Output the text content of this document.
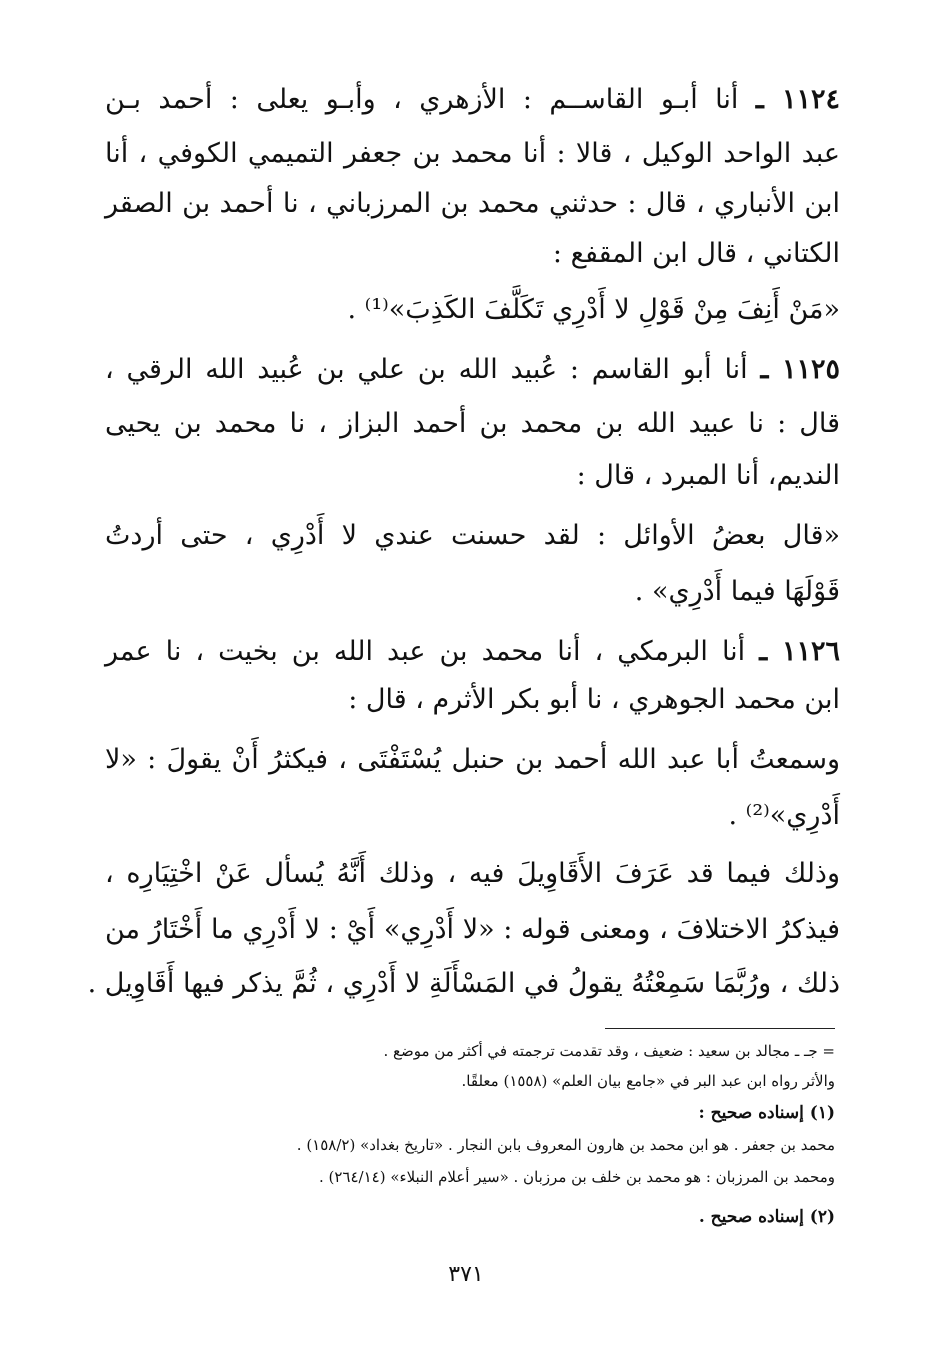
١١٢٤ ـ أنا أبـو القاســم : الأزهري ، وأبـو يعلى : أحمد بـن
عبد الواحد الوكيل ، قالا : أنا محمد بن جعفر التميمي الكوفي ، أنا
ابن الأنباري ، قال : حدثني محمد بن المرزباني ، نا أحمد بن الصقر
الكتاني ، قال ابن المقفع :
«مَنْ أَنِفَ مِنْ قَوْلِ لا أَدْرِي تَكَلَّفَ الكَذِبَ»⁽¹⁾ .
١١٢٥ ـ أنا أبو القاسم : عُبيد الله بن علي بن عُبيد الله الرقي ،
قال : نا عبيد الله بن محمد بن أحمد البزاز ، نا محمد بن يحيى
النديم، أنا المبرد ، قال :
«قال بعضُ الأوائل : لقد حسنت عندي لا أَدْرِي ، حتى أردتُ
قَوْلَهَا فيما أَدْرِي» .
١١٢٦ ـ أنا البرمكي ، أنا محمد بن عبد الله بن بخيت ، نا عمر
ابن محمد الجوهري ، نا أبو بكر الأثرم ، قال :
وسمعتُ أبا عبد الله أحمد بن حنبل يُسْتَفْتَى ، فيكثرُ أَنْ يقولَ : «لا
أَدْرِي»⁽²⁾ .
وذلك فيما قد عَرَفَ الأَقَاوِيلَ فيه ، وذلك أَنَّهُ يُسأل عَنْ اخْتِيَارِه ،
فيذكرُ الاختلافَ ، ومعنى قوله : «لا أَدْرِي» أَيْ : لا أَدْرِي ما أَخْتَارُ من
ذلك ، ورُبَّمَا سَمِعْتُهُ يقولُ في المَسْأَلَةِ لا أَدْرِي ، ثُمَّ يذكر فيها أَقَاوِيل .
= جـ ـ مجالد بن سعيد : ضعيف ، وقد تقدمت ترجمته في أكثر من موضع .
والأثر رواه ابن عبد البر في «جامع بيان العلم» (١٥٥٨) معلقًا.
(١) إسناده صحيح :
محمد بن جعفر . هو ابن محمد بن هارون المعروف بابن النجار . «تاريخ بغداد» (١٥٨/٢) .
ومحمد بن المرزبان : هو محمد بن خلف بن مرزبان . «سير أعلام النبلاء» (٢٦٤/١٤) .
(٢) إسناده صحيح .
٣٧١
